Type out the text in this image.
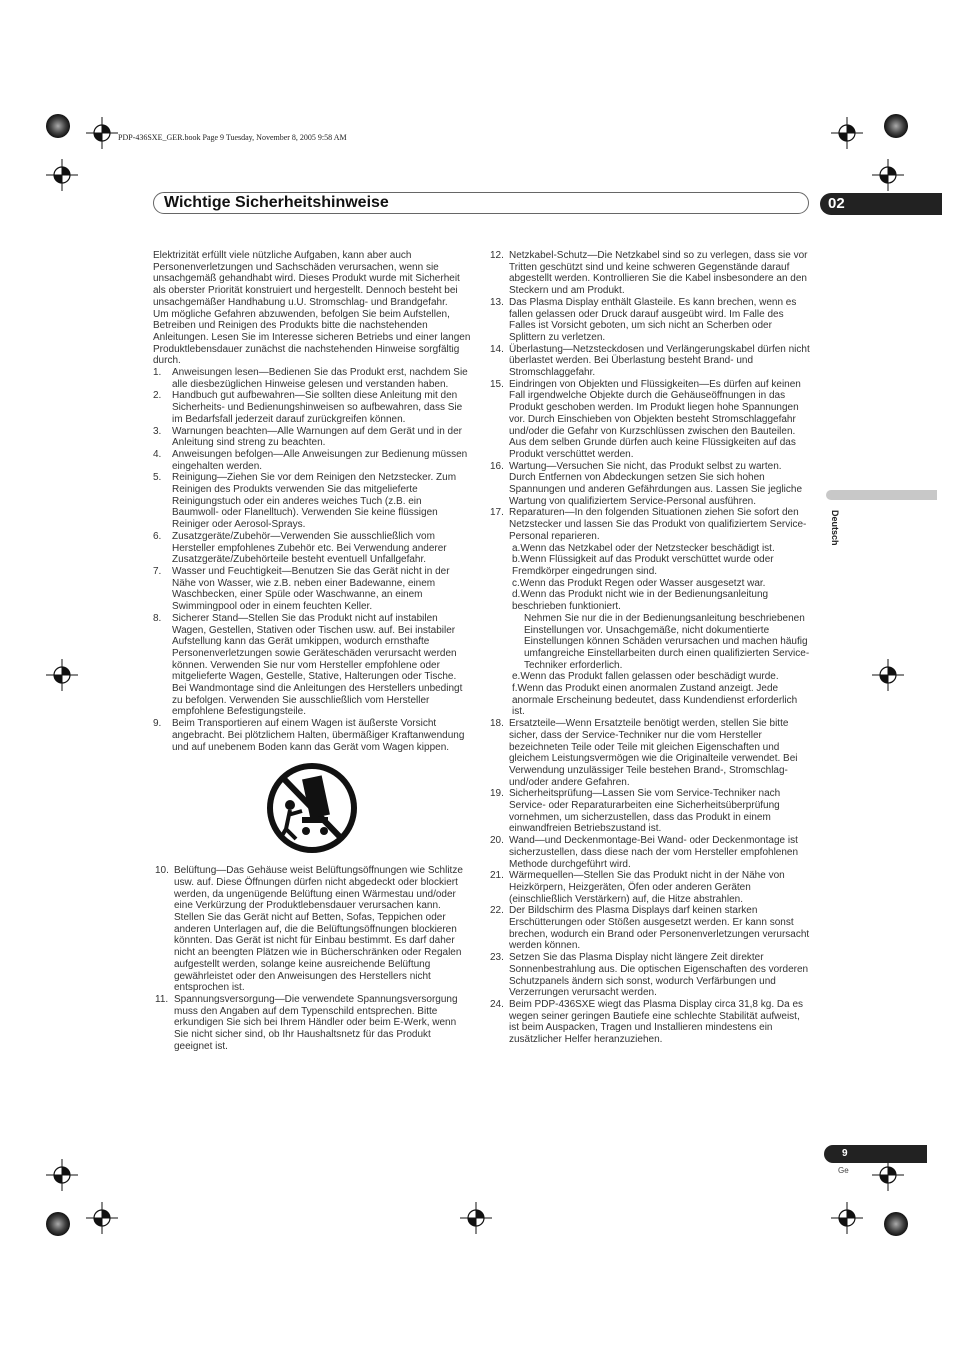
PDP-436SXE_GER.book Page 9 Tuesday, November 8, 2005 9:58 AM
Wichtige Sicherheitshinweise	02
Deutsch

Elektrizität erfüllt viele nützliche Aufgaben, kann aber auch Personenverletzungen und Sachschäden verursachen, wenn sie unsachgemäß gehandhabt wird. Dieses Produkt wurde mit Sicherheit als oberster Priorität konstruiert und hergestellt. Dennoch besteht bei unsachgemäßer Handhabung u.U. Stromschlag- und Brandgefahr.

Um mögliche Gefahren abzuwenden, befolgen Sie beim Aufstellen, Betreiben und Reinigen des Produkts bitte die nachstehenden Anleitungen. Lesen Sie im Interesse sicheren Betriebs und einer langen Produktlebensdauer zunächst die nachstehenden Hinweise sorgfältig durch.

1. Anweisungen lesen—Bedienen Sie das Produkt erst, nachdem Sie alle diesbezüglichen Hinweise gelesen und verstanden haben.
2. Handbuch gut aufbewahren—Sie sollten diese Anleitung mit den Sicherheits- und Bedienungshinweisen so aufbewahren, dass Sie im Bedarfsfall jederzeit darauf zurückgreifen können.
3. Warnungen beachten—Alle Warnungen auf dem Gerät und in der Anleitung sind streng zu beachten.
4. Anweisungen befolgen—Alle Anweisungen zur Bedienung müssen eingehalten werden.
5. Reinigung—Ziehen Sie vor dem Reinigen den Netzstecker. Zum Reinigen des Produkts verwenden Sie das mitgelieferte Reinigungstuch oder ein anderes weiches Tuch (z.B. ein Baumwoll- oder Flanelltuch). Verwenden Sie keine flüssigen Reiniger oder Aerosol-Sprays.
6. Zusatzgeräte/Zubehör—Verwenden Sie ausschließlich vom Hersteller empfohlenes Zubehör etc. Bei Verwendung anderer Zusatzgeräte/Zubehörteile besteht eventuell Unfallgefahr.
7. Wasser und Feuchtigkeit—Benutzen Sie das Gerät nicht in der Nähe von Wasser, wie z.B. neben einer Badewanne, einem Waschbecken, einer Spüle oder Waschwanne, an einem Swimmingpool oder in einem feuchten Keller.
8. Sicherer Stand—Stellen Sie das Produkt nicht auf instabilen Wagen, Gestellen, Stativen oder Tischen usw. auf. Bei instabiler Aufstellung kann das Gerät umkippen, wodurch ernsthafte Personenverletzungen sowie Geräteschäden verursacht werden können. Verwenden Sie nur vom Hersteller empfohlene oder mitgelieferte Wagen, Gestelle, Stative, Halterungen oder Tische. Bei Wandmontage sind die Anleitungen des Herstellers unbedingt zu befolgen. Verwenden Sie ausschließlich vom Hersteller empfohlene Befestigungsteile.
9. Beim Transportieren auf einem Wagen ist äußerste Vorsicht angebracht. Bei plötzlichem Halten, übermäßiger Kraftanwendung und auf unebenem Boden kann das Gerät vom Wagen kippen.
10. Belüftung—Das Gehäuse weist Belüftungsöffnungen wie Schlitze usw. auf. Diese Öffnungen dürfen nicht abgedeckt oder blockiert werden, da ungenügende Belüftung einen Wärmestau und/oder eine Verkürzung der Produktlebensdauer verursachen kann. Stellen Sie das Gerät nicht auf Betten, Sofas, Teppichen oder anderen Unterlagen auf, die die Belüftungsöffnungen blockieren könnten. Das Gerät ist nicht für Einbau bestimmt. Es darf daher nicht an beengten Plätzen wie in Bücherschränken oder Regalen aufgestellt werden, solange keine ausreichende Belüftung gewährleistet oder den Anweisungen des Herstellers nicht entsprochen ist.
11. Spannungsversorgung—Die verwendete Spannungsversorgung muss den Angaben auf dem Typenschild entsprechen. Bitte erkundigen Sie sich bei Ihrem Händler oder beim E-Werk, wenn Sie nicht sicher sind, ob Ihr Haushaltsnetz für das Produkt geeignet ist.
12. Netzkabel-Schutz—Die Netzkabel sind so zu verlegen, dass sie vor Tritten geschützt sind und keine schweren Gegenstände darauf abgestellt werden. Kontrollieren Sie die Kabel insbesondere an den Steckern und am Produkt.
13. Das Plasma Display enthält Glasteile. Es kann brechen, wenn es fallen gelassen oder Druck darauf ausgeübt wird. Im Falle des Falles ist Vorsicht geboten, um sich nicht an Scherben oder Splittern zu verletzen.
14. Überlastung—Netzsteckdosen und Verlängerungskabel dürfen nicht überlastet werden. Bei Überlastung besteht Brand- und Stromschlaggefahr.
15. Eindringen von Objekten und Flüssigkeiten—Es dürfen auf keinen Fall irgendwelche Objekte durch die Gehäuseöffnungen in das Produkt geschoben werden. Im Produkt liegen hohe Spannungen vor. Durch Einschieben von Objekten besteht Stromschlaggefahr und/oder die Gefahr von Kurzschlüssen zwischen den Bauteilen. Aus dem selben Grunde dürfen auch keine Flüssigkeiten auf das Produkt verschüttet werden.
16. Wartung—Versuchen Sie nicht, das Produkt selbst zu warten. Durch Entfernen von Abdeckungen setzen Sie sich hohen Spannungen und anderen Gefährdungen aus. Lassen Sie jegliche Wartung von qualifiziertem Service-Personal ausführen.
17. Reparaturen—In den folgenden Situationen ziehen Sie sofort den Netzstecker und lassen Sie das Produkt von qualifiziertem Service-Personal reparieren.
a.Wenn das Netzkabel oder der Netzstecker beschädigt ist.
b.Wenn Flüssigkeit auf das Produkt verschüttet wurde oder Fremdkörper eingedrungen sind.
c.Wenn das Produkt Regen oder Wasser ausgesetzt war.
d.Wenn das Produkt nicht wie in der Bedienungsanleitung beschrieben funktioniert.
Nehmen Sie nur die in der Bedienungsanleitung beschriebenen Einstellungen vor. Unsachgemäße, nicht dokumentierte Einstellungen können Schäden verursachen und machen häufig umfangreiche Einstellarbeiten durch einen qualifizierten Service-Techniker erforderlich.
e.Wenn das Produkt fallen gelassen oder beschädigt wurde.
f.Wenn das Produkt einen anormalen Zustand anzeigt. Jede anormale Erscheinung bedeutet, dass Kundendienst erforderlich ist.
18. Ersatzteile—Wenn Ersatzteile benötigt werden, stellen Sie bitte sicher, dass der Service-Techniker nur die vom Hersteller bezeichneten Teile oder Teile mit gleichen Eigenschaften und gleichem Leistungsvermögen wie die Originalteile verwendet. Bei Verwendung unzulässiger Teile bestehen Brand-, Stromschlag- und/oder andere Gefahren.
19. Sicherheitsprüfung—Lassen Sie vom Service-Techniker nach Service- oder Reparaturarbeiten eine Sicherheitsüberprüfung vornehmen, um sicherzustellen, dass das Produkt in einem einwandfreien Betriebszustand ist.
20. Wand—und Deckenmontage-Bei Wand- oder Deckenmontage ist sicherzustellen, dass diese nach der vom Hersteller empfohlenen Methode durchgeführt wird.
21. Wärmequellen—Stellen Sie das Produkt nicht in der Nähe von Heizkörpern, Heizgeräten, Öfen oder anderen Geräten (einschließlich Verstärkern) auf, die Hitze abstrahlen.
22. Der Bildschirm des Plasma Displays darf keinen starken Erschütterungen oder Stößen ausgesetzt werden. Er kann sonst brechen, wodurch ein Brand oder Personenverletzungen verursacht werden können.
23. Setzen Sie das Plasma Display nicht längere Zeit direkter Sonnenbestrahlung aus. Die optischen Eigenschaften des vorderen Schutzpanels ändern sich sonst, wodurch Verfärbungen und Verzerrungen verursacht werden.
24. Beim PDP-436SXE wiegt das Plasma Display circa 31,8 kg. Da es wegen seiner geringen Bautiefe eine schlechte Stabilität aufweist, ist beim Auspacken, Tragen und Installieren mindestens ein zusätzlicher Helfer heranzuziehen.
9
Ge
